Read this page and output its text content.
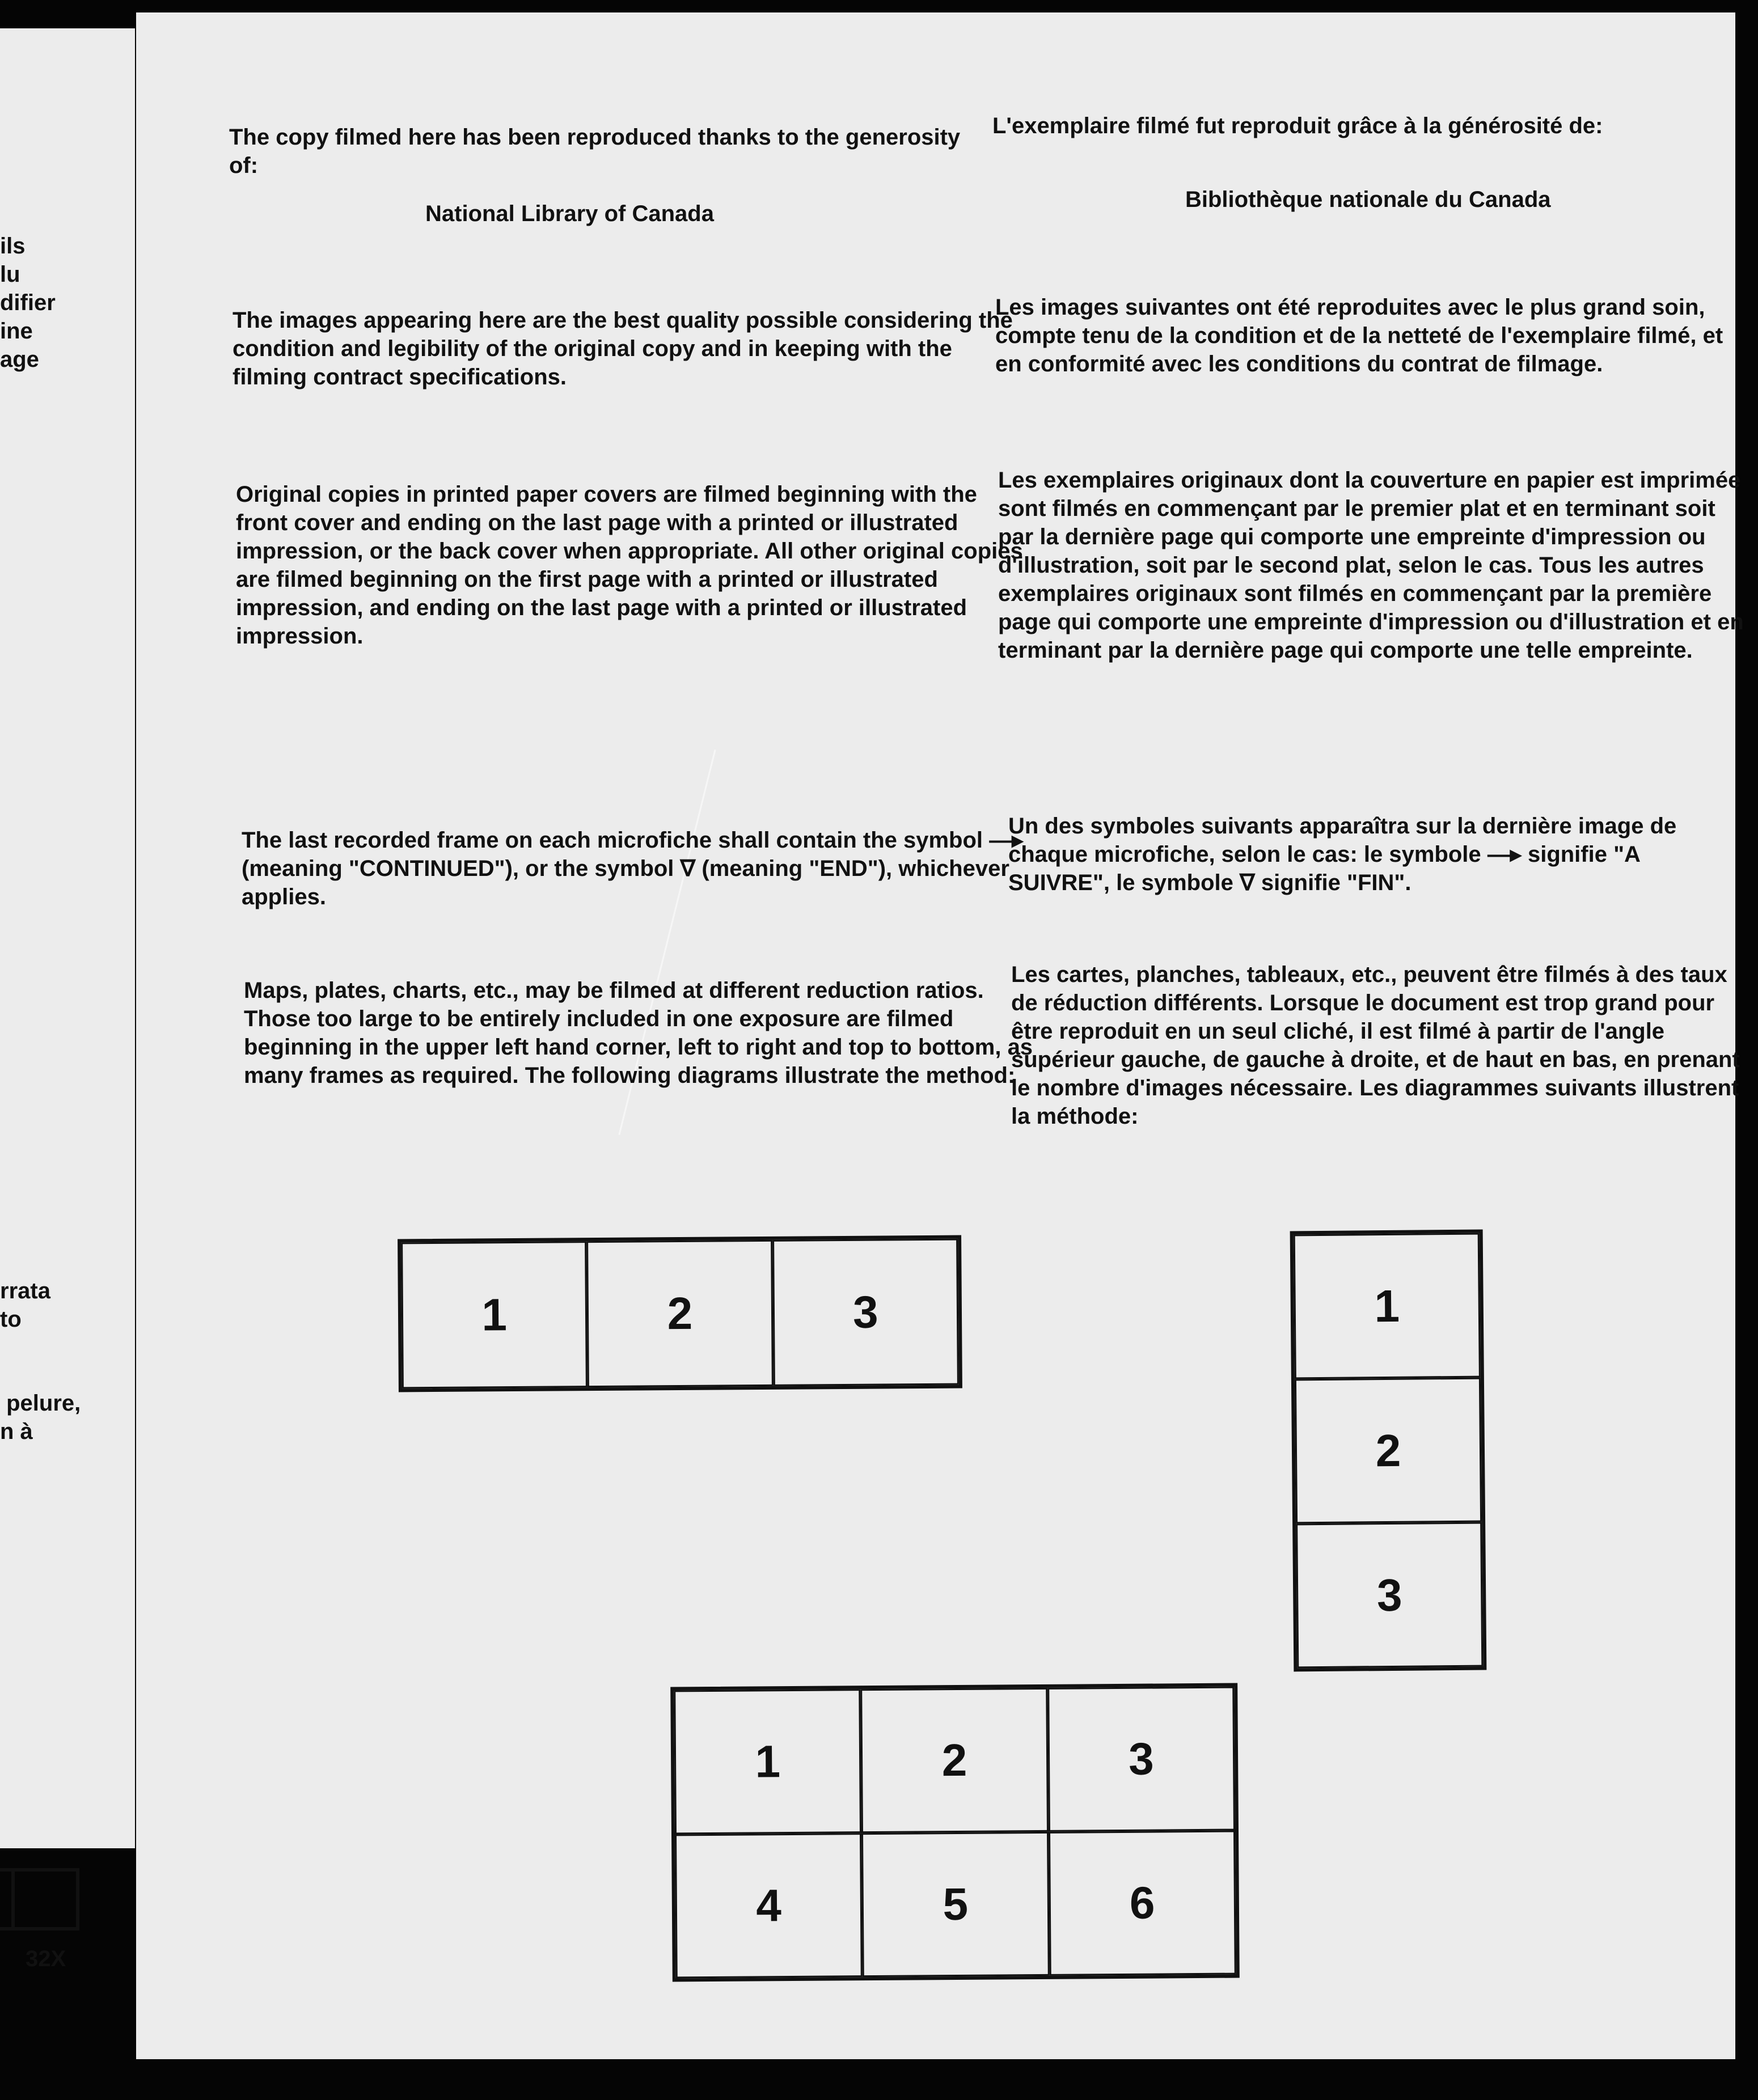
ils
lu
difier
ine
age
rrata
to
pelure,
n à
32X

The copy filmed here has been reproduced thanks to the generosity of:

National Library of Canada

The images appearing here are the best quality possible considering the condition and legibility of the original copy and in keeping with the filming contract specifications.

Original copies in printed paper covers are filmed beginning with the front cover and ending on the last page with a printed or illustrated impression, or the back cover when appropriate. All other original copies are filmed beginning on the first page with a printed or illustrated impression, and ending on the last page with a printed or illustrated impression.

The last recorded frame on each microfiche shall contain the symbol —▸ (meaning "CONTINUED"), or the symbol ∇ (meaning "END"), whichever applies.

Maps, plates, charts, etc., may be filmed at different reduction ratios. Those too large to be entirely included in one exposure are filmed beginning in the upper left hand corner, left to right and top to bottom, as many frames as required. The following diagrams illustrate the method:

L'exemplaire filmé fut reproduit grâce à la générosité de:

Bibliothèque nationale du Canada

Les images suivantes ont été reproduites avec le plus grand soin, compte tenu de la condition et de la netteté de l'exemplaire filmé, et en conformité avec les conditions du contrat de filmage.

Les exemplaires originaux dont la couverture en papier est imprimée sont filmés en commençant par le premier plat et en terminant soit par la dernière page qui comporte une empreinte d'impression ou d'illustration, soit par le second plat, selon le cas. Tous les autres exemplaires originaux sont filmés en commençant par la première page qui comporte une empreinte d'impression ou d'illustration et en terminant par la dernière page qui comporte une telle empreinte.

Un des symboles suivants apparaîtra sur la dernière image de chaque microfiche, selon le cas: le symbole —▸ signifie "A SUIVRE", le symbole ∇ signifie "FIN".

Les cartes, planches, tableaux, etc., peuvent être filmés à des taux de réduction différents. Lorsque le document est trop grand pour être reproduit en un seul cliché, il est filmé à partir de l'angle supérieur gauche, de gauche à droite, et de haut en bas, en prenant le nombre d'images nécessaire. Les diagrammes suivants illustrent la méthode:

1	2	3	1
2
3
1	2	3
4	5	6
